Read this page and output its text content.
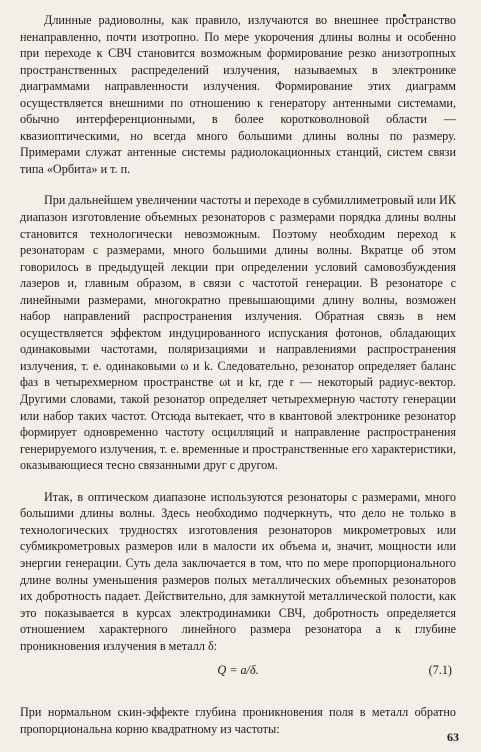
Длинные радиоволны, как правило, излучаются во внешнее пространство ненаправленно, почти изотропно. По мере укорочения длины волны и особенно при переходе к СВЧ становится возможным формирование резко анизотропных пространственных распределений излучения, называемых в электронике диаграммами направленности излучения. Формирование этих диаграмм осуществляется внешними по отношению к генератору антенными системами, обычно интерференционными, в более коротковолновой области — квазиоптическими, но всегда много большими длины волны по размеру. Примерами служат антенные системы радиолокационных станций, систем связи типа «Орбита» и т. п.

При дальнейшем увеличении частоты и переходе в субмиллиметровый или ИК диапазон изготовление объемных резонаторов с размерами порядка длины волны становится технологически невозможным. Поэтому необходим переход к резонаторам с размерами, много большими длины волны. Вкратце об этом говорилось в предыдущей лекции при определении условий самовозбуждения лазеров и, главным образом, в связи с частотой генерации. В резонаторе с линейными размерами, многократно превышающими длину волны, возможен набор направлений распространения излучения. Обратная связь в нем осуществляется эффектом индуцированного испускания фотонов, обладающих одинаковыми частотами, поляризациями и направлениями распространения излучения, т. е. одинаковыми ω и k. Следовательно, резонатор определяет баланс фаз в четырехмерном пространстве ωt и kr, где r — некоторый радиус-вектор. Другими словами, такой резонатор определяет четырехмерную частоту генерации или набор таких частот. Отсюда вытекает, что в квантовой электронике резонатор формирует одновременно частоту осцилляций и направление распространения генерируемого излучения, т. е. временные и пространственные его характеристики, оказывающиеся тесно связанными друг с другом.

Итак, в оптическом диапазоне используются резонаторы с размерами, много большими длины волны. Здесь необходимо подчеркнуть, что дело не только в технологических трудностях изготовления резонаторов микрометровых или субмикрометровых размеров или в малости их объема и, значит, мощности или энергии генерации. Суть дела заключается в том, что по мере пропорционального длине волны уменьшения размеров полых металлических объемных резонаторов их добротность падает. Действительно, для замкнутой металлической полости, как это показывается в курсах электродинамики СВЧ, добротность определяется отношением характерного линейного размера резонатора a к глубине проникновения излучения в металл δ:

Q = a/δ.	(7.1)

При нормальном скин-эффекте глубина проникновения поля в металл обратно пропорциональна корню квадратному из частоты:

63
